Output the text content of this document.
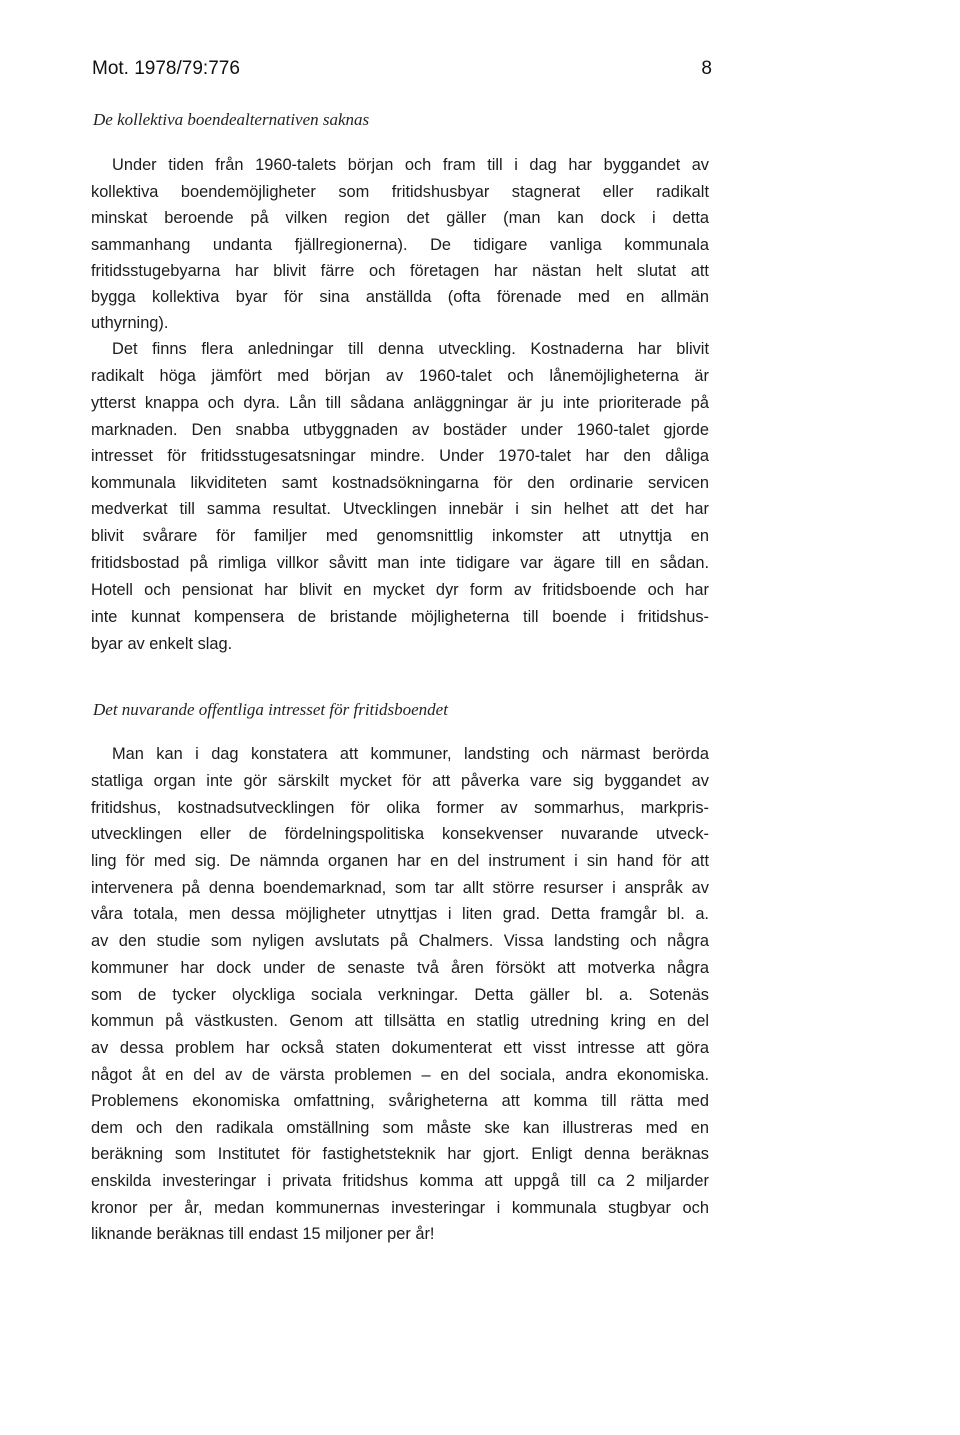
Mot. 1978/79:776	8
De kollektiva boendealternativen saknas
Under tiden från 1960-talets början och fram till i dag har byggandet av
kollektiva boendemöjligheter som fritidshusbyar stagnerat eller radikalt
minskat beroende på vilken region det gäller (man kan dock i detta
sammanhang undanta fjällregionerna). De tidigare vanliga kommunala
fritidsstugebyarna har blivit färre och företagen har nästan helt slutat att
bygga kollektiva byar för sina anställda (ofta förenade med en allmän
uthyrning).
Det finns flera anledningar till denna utveckling. Kostnaderna har blivit
radikalt höga jämfört med början av 1960-talet och lånemöjligheterna är
ytterst knappa och dyra. Lån till sådana anläggningar är ju inte prioriterade på
marknaden. Den snabba utbyggnaden av bostäder under 1960-talet gjorde
intresset för fritidsstugesatsningar mindre. Under 1970-talet har den dåliga
kommunala likviditeten samt kostnadsökningarna för den ordinarie servicen
medverkat till samma resultat. Utvecklingen innebär i sin helhet att det har
blivit svårare för familjer med genomsnittlig inkomster att utnyttja en
fritidsbostad på rimliga villkor såvitt man inte tidigare var ägare till en sådan.
Hotell och pensionat har blivit en mycket dyr form av fritidsboende och har
inte kunnat kompensera de bristande möjligheterna till boende i fritidshus-
byar av enkelt slag.
Det nuvarande offentliga intresset för fritidsboendet
Man kan i dag konstatera att kommuner, landsting och närmast berörda
statliga organ inte gör särskilt mycket för att påverka vare sig byggandet av
fritidshus, kostnadsutvecklingen för olika former av sommarhus, markpris-
utvecklingen eller de fördelningspolitiska konsekvenser nuvarande utveck-
ling för med sig. De nämnda organen har en del instrument i sin hand för att
intervenera på denna boendemarknad, som tar allt större resurser i anspråk av
våra totala, men dessa möjligheter utnyttjas i liten grad. Detta framgår bl. a.
av den studie som nyligen avslutats på Chalmers. Vissa landsting och några
kommuner har dock under de senaste två åren försökt att motverka några
som de tycker olyckliga sociala verkningar. Detta gäller bl. a. Sotenäs
kommun på västkusten. Genom att tillsätta en statlig utredning kring en del
av dessa problem har också staten dokumenterat ett visst intresse att göra
något åt en del av de värsta problemen – en del sociala, andra ekonomiska.
Problemens ekonomiska omfattning, svårigheterna att komma till rätta med
dem och den radikala omställning som måste ske kan illustreras med en
beräkning som Institutet för fastighetsteknik har gjort. Enligt denna beräknas
enskilda investeringar i privata fritidshus komma att uppgå till ca 2 miljarder
kronor per år, medan kommunernas investeringar i kommunala stugbyar och
liknande beräknas till endast 15 miljoner per år!
